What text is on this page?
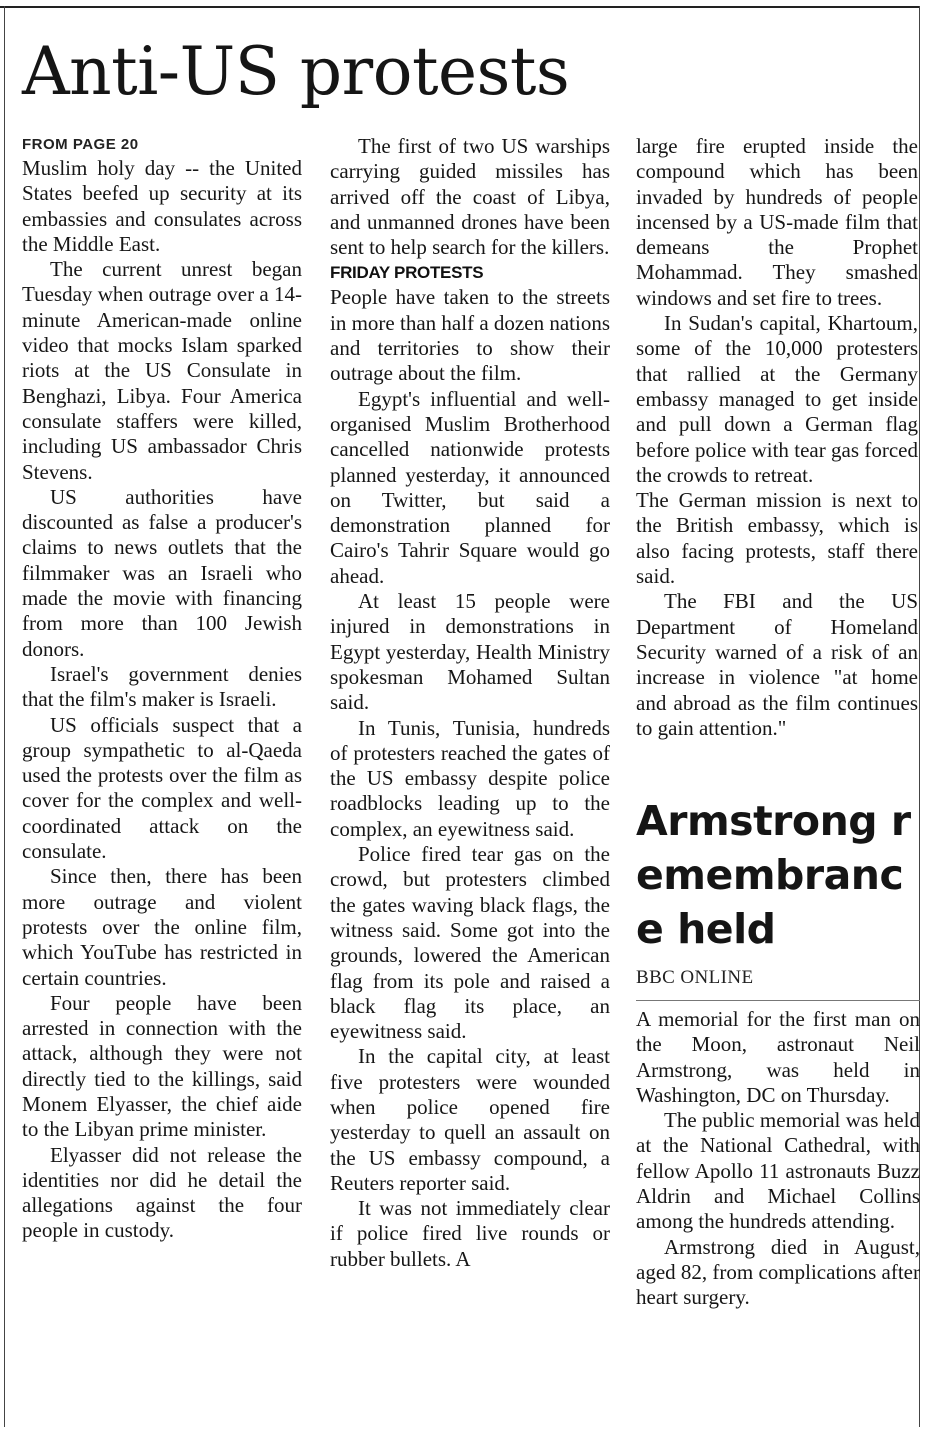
Anti-US protests
FROM PAGE 20

Muslim holy day -- the United States beefed up security at its embassies and consulates across the Middle East.

The current unrest began Tuesday when outrage over a 14-minute American-made online video that mocks Islam sparked riots at the US Consulate in Benghazi, Libya. Four America consulate staffers were killed, including US ambassador Chris Stevens.

US authorities have discounted as false a producer's claims to news outlets that the filmmaker was an Israeli who made the movie with financing from more than 100 Jewish donors.

Israel's government denies that the film's maker is Israeli.

US officials suspect that a group sympathetic to al-Qaeda used the protests over the film as cover for the complex and well-coordinated attack on the consulate.

Since then, there has been more outrage and violent protests over the online film, which YouTube has restricted in certain countries.

Four people have been arrested in connection with the attack, although they were not directly tied to the killings, said Monem Elyasser, the chief aide to the Libyan prime minister.

Elyasser did not release the identities nor did he detail the allegations against the four people in custody.

The first of two US warships carrying guided missiles has arrived off the coast of Libya, and unmanned drones have been sent to help search for the killers.

FRIDAY PROTESTS

People have taken to the streets in more than half a dozen nations and territories to show their outrage about the film.

Egypt's influential and well-organised Muslim Brotherhood cancelled nationwide protests planned yesterday, it announced on Twitter, but said a demonstration planned for Cairo's Tahrir Square would go ahead.

At least 15 people were injured in demonstrations in Egypt yesterday, Health Ministry spokesman Mohamed Sultan said.

In Tunis, Tunisia, hundreds of protesters reached the gates of the US embassy despite police roadblocks leading up to the complex, an eyewitness said.

Police fired tear gas on the crowd, but protesters climbed the gates waving black flags, the witness said. Some got into the grounds, lowered the American flag from its pole and raised a black flag its place, an eyewitness said.

In the capital city, at least five protesters were wounded when police opened fire yesterday to quell an assault on the US embassy compound, a Reuters reporter said.

It was not immediately clear if police fired live rounds or rubber bullets. A

large fire erupted inside the compound which has been invaded by hundreds of people incensed by a US-made film that demeans the Prophet Mohammad. They smashed windows and set fire to trees.

In Sudan's capital, Khartoum, some of the 10,000 protesters that rallied at the Germany embassy managed to get inside and pull down a German flag before police with tear gas forced the crowds to retreat.

The German mission is next to the British embassy, which is also facing protests, staff there said.

The FBI and the US Department of Homeland Security warned of a risk of an increase in violence "at home and abroad as the film continues to gain attention."

Armstrong remembrance held
BBC ONLINE

A memorial for the first man on the Moon, astronaut Neil Armstrong, was held in Washington, DC on Thursday.

The public memorial was held at the National Cathedral, with fellow Apollo 11 astronauts Buzz Aldrin and Michael Collins among the hundreds attending.

Armstrong died in August, aged 82, from complications after heart surgery.
